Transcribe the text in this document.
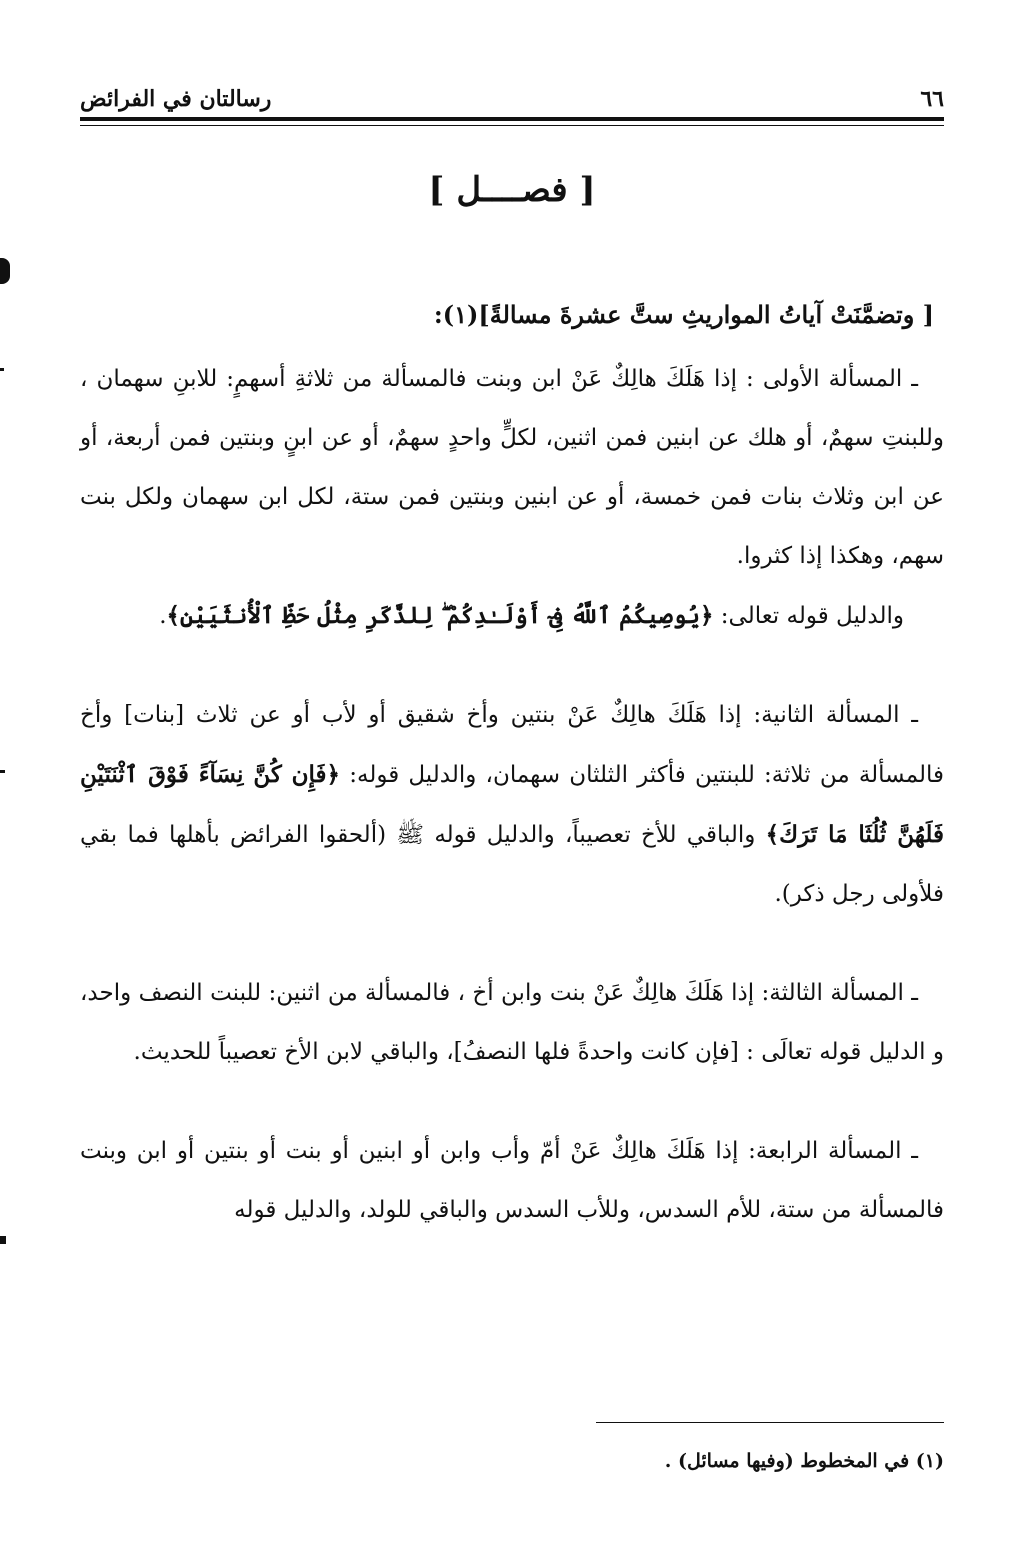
٦٦
رسالتان في الفرائض
[ فصــــل ]
[ وتضمَّنَتْ آياتُ المواريثِ ستَّ عشرةَ مسالةً](١):

ـ المسألة الأولى : إذا هَلَكَ هالِكٌ عَنْ ابن وبنت فالمسألة من ثلاثةِ أسهمٍ: للابنِ سهمان ، وللبنتِ سهمٌ، أو هلك عن ابنين فمن اثنين، لكلٍّ واحدٍ سهمٌ، أو عن ابنٍ وبنتين فمن أربعة، أو عن ابن وثلاث بنات فمن خمسة، أو عن ابنين وبنتين فمن ستة، لكل ابن سهمان ولكل بنت سهم، وهكذا إذا كثروا.

والدليل قوله تعالى: ﴿يُوصِيكُمُ ٱللَّهُ فِىٓ أَوْلَـٰدِكُمْ ۖ لِلذَّكَرِ مِثْلُ حَظِّ ٱلْأُنثَيَيْنِ﴾.

ـ المسألة الثانية: إذا هَلَكَ هالِكٌ عَنْ بنتين وأخ شقيق أو لأب أو عن ثلاث [بنات] وأخ فالمسألة من ثلاثة: للبنتين فأكثر الثلثان سهمان، والدليل قوله: ﴿فَإِن كُنَّ نِسَآءً فَوْقَ ٱثْنَتَيْنِ فَلَهُنَّ ثُلُثَا مَا تَرَكَ﴾ والباقي للأخ تعصيباً، والدليل قوله ﷺ (ألحقوا الفرائض بأهلها فما بقي فلأولى رجل ذكر).

ـ المسألة الثالثة: إذا هَلَكَ هالِكٌ عَنْ بنت وابن أخ ، فالمسألة من اثنين: للبنت النصف واحد، و الدليل قوله تعالَى : [فإن كانت واحدةً فلها النصفُ]، والباقي لابن الأخ تعصيباً للحديث.

ـ المسألة الرابعة: إذا هَلَكَ هالِكٌ عَنْ أمّ وأب وابن أو ابنين أو بنت أو بنتين أو ابن وبنت فالمسألة من ستة، للأم السدس، وللأب السدس والباقي للولد، والدليل قوله

(١) في المخطوط (وفيها مسائل) .
